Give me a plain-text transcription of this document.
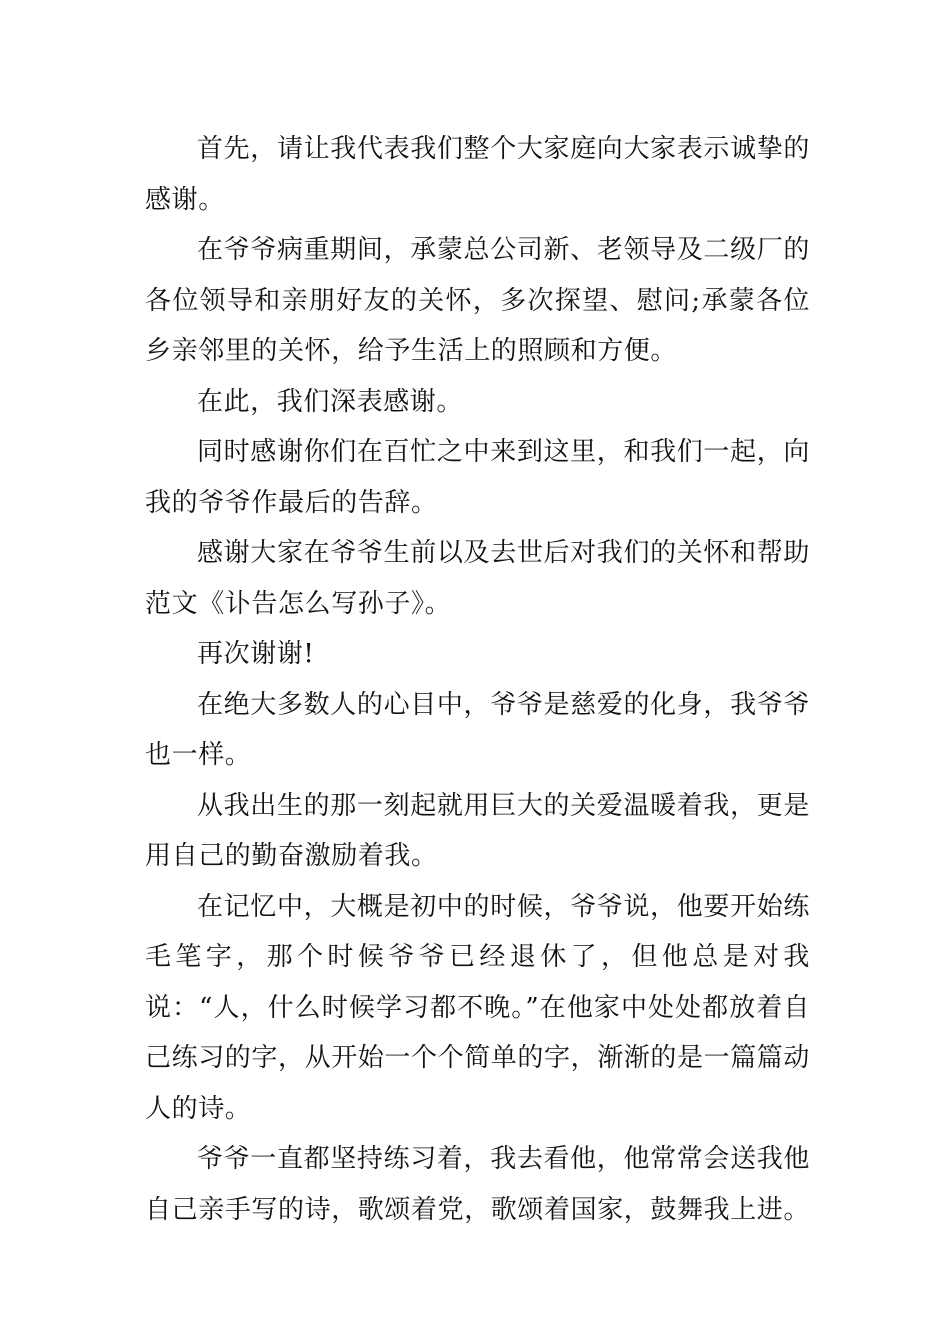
首先，请让我代表我们整个大家庭向大家表示诚挚的感谢。

在爷爷病重期间，承蒙总公司新、老领导及二级厂的各位领导和亲朋好友的关怀，多次探望、慰问;承蒙各位乡亲邻里的关怀，给予生活上的照顾和方便。

在此，我们深表感谢。

同时感谢你们在百忙之中来到这里，和我们一起，向我的爷爷作最后的告辞。

感谢大家在爷爷生前以及去世后对我们的关怀和帮助范文《讣告怎么写孙子》。

再次谢谢!

在绝大多数人的心目中，爷爷是慈爱的化身，我爷爷也一样。

从我出生的那一刻起就用巨大的关爱温暖着我，更是用自己的勤奋激励着我。

在记忆中，大概是初中的时候，爷爷说，他要开始练毛笔字，那个时候爷爷已经退休了，但他总是对我说：“人，什么时候学习都不晚。”在他家中处处都放着自己练习的字，从开始一个个简单的字，渐渐的是一篇篇动人的诗。

爷爷一直都坚持练习着，我去看他，他常常会送我他自己亲手写的诗，歌颂着党，歌颂着国家，鼓舞我上进。
